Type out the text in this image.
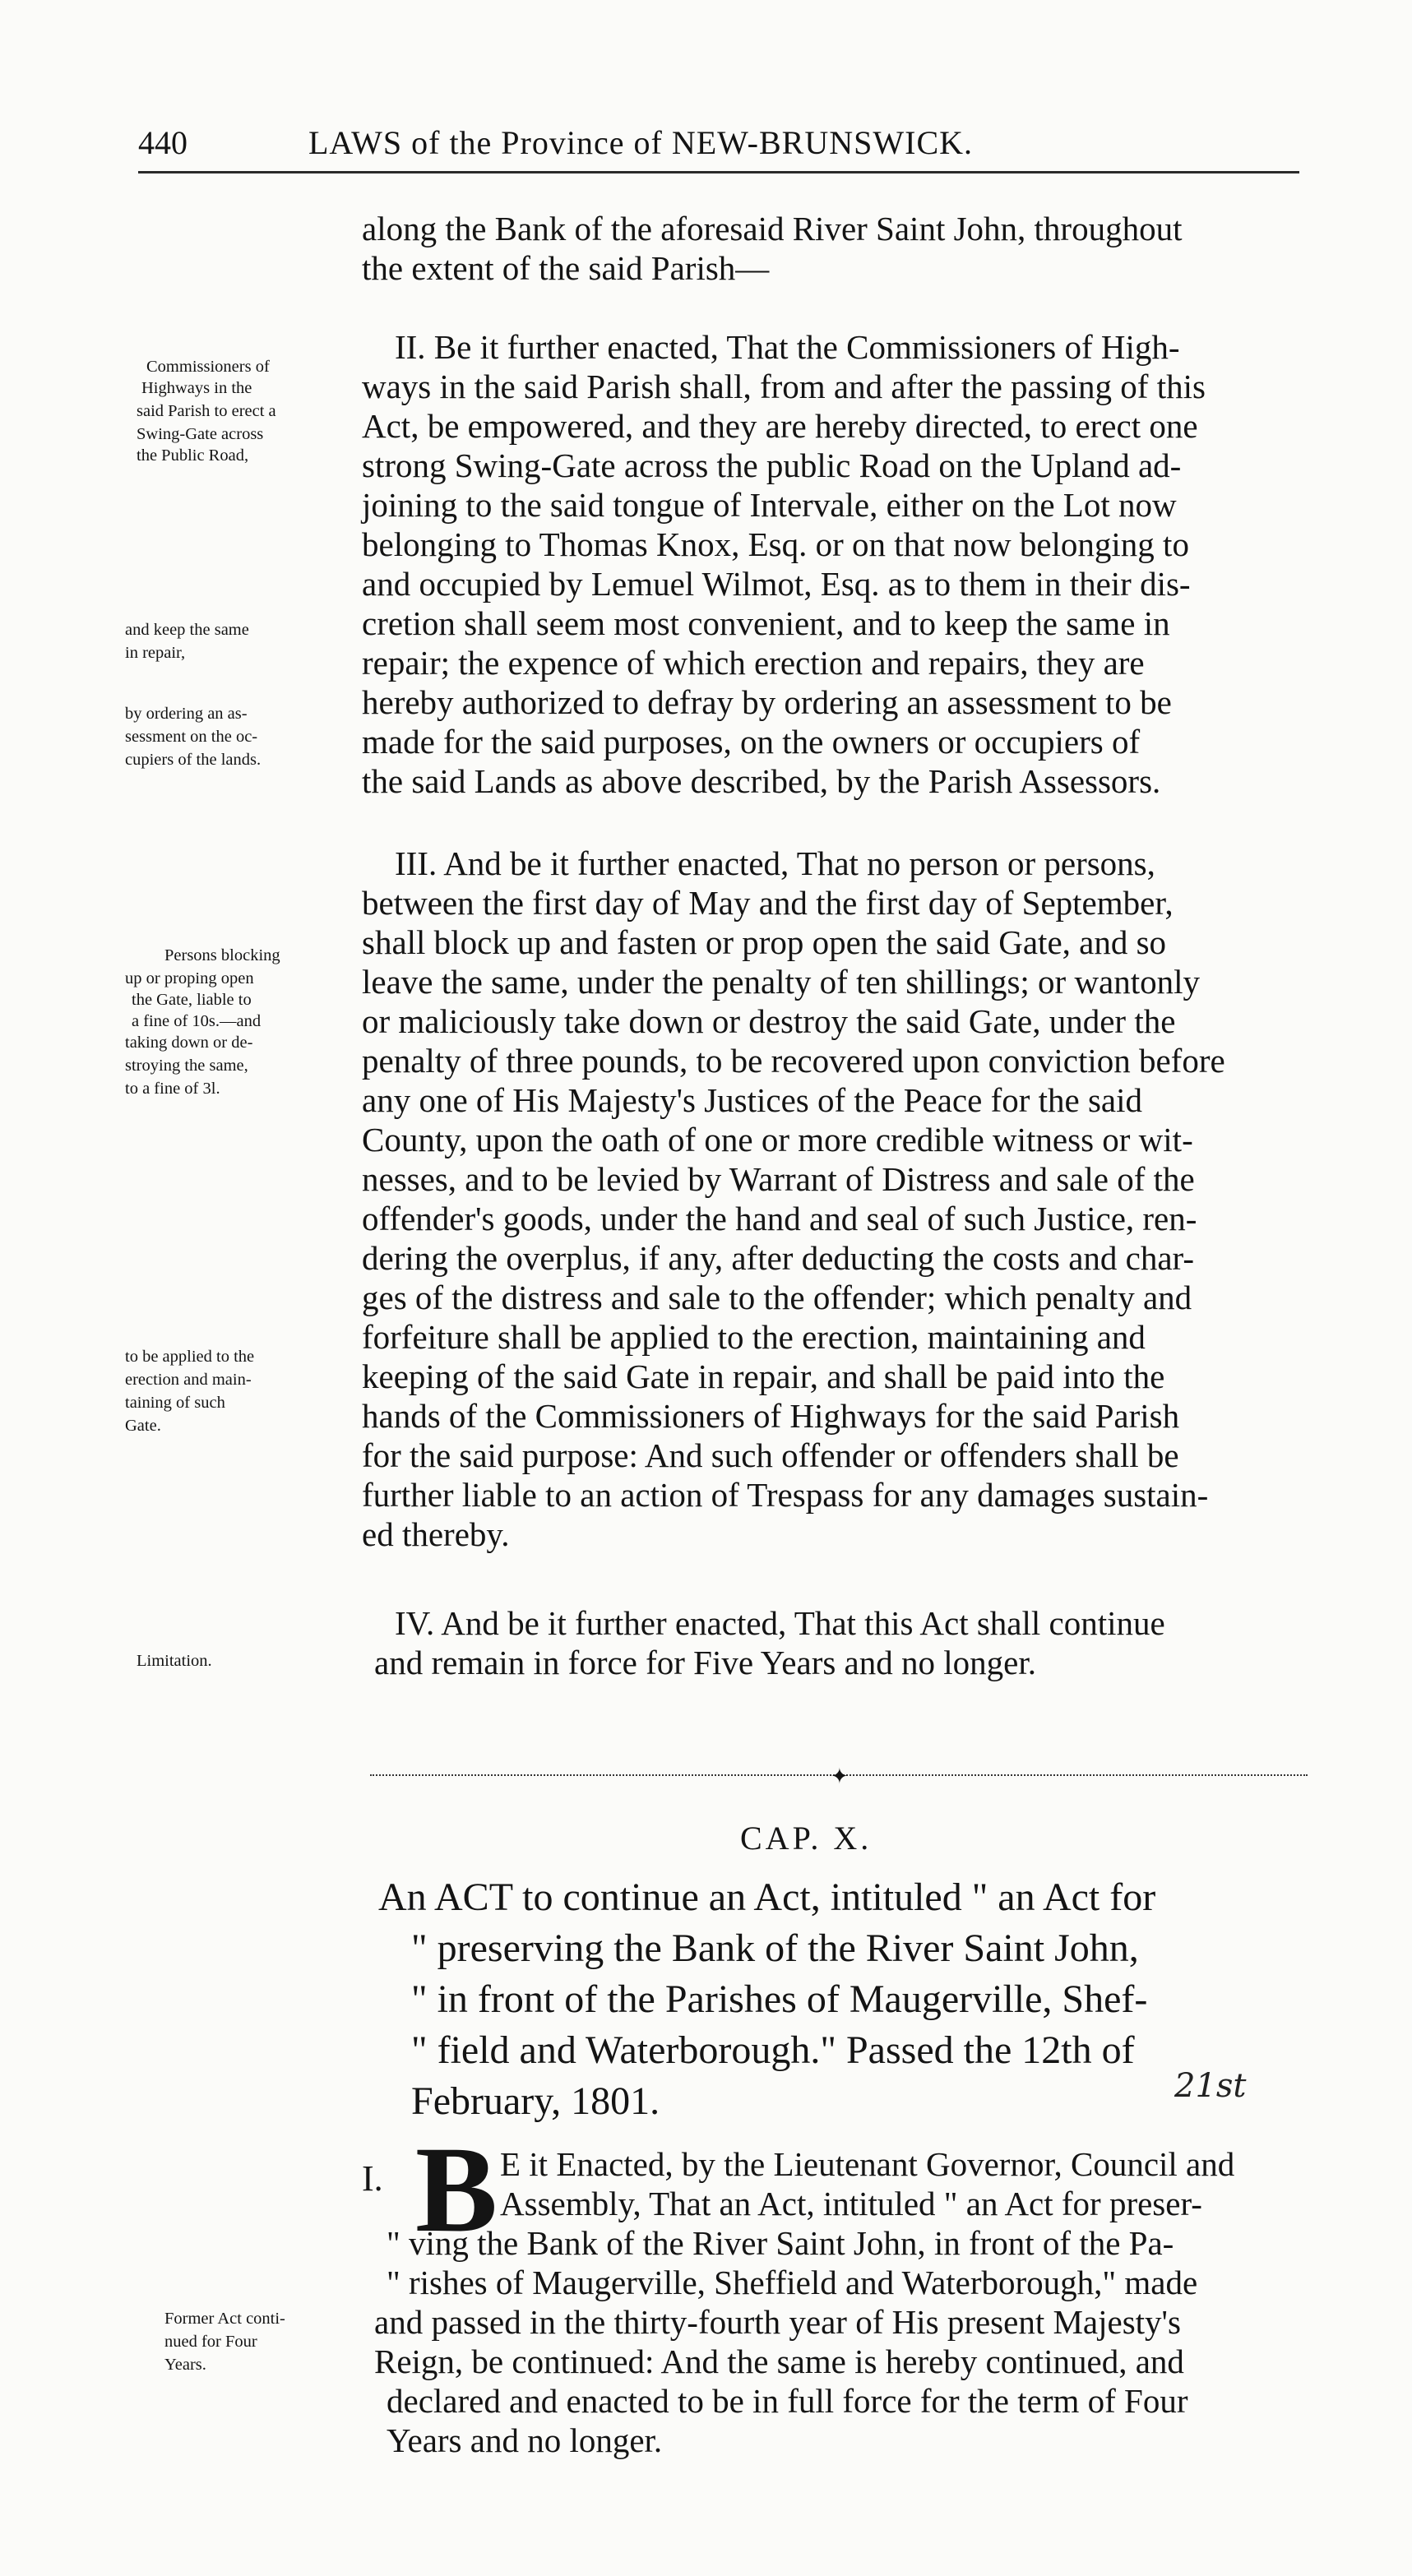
440	LAWS of the Province of NEW-BRUNSWICK.
along the Bank of the aforesaid River Saint John, throughout
the extent of the said Parish—
II. Be it further enacted, That the Commissioners of High-
ways in the said Parish shall, from and after the passing of this
Act, be empowered, and they are hereby directed, to erect one
strong Swing-Gate across the public Road on the Upland ad-
joining to the said tongue of Intervale, either on the Lot now
belonging to Thomas Knox, Esq. or on that now belonging to
and occupied by Lemuel Wilmot, Esq. as to them in their dis-
cretion shall seem most convenient, and to keep the same in
repair; the expence of which erection and repairs, they are
hereby authorized to defray by ordering an assessment to be
made for the said purposes, on the owners or occupiers of
the said Lands as above described, by the Parish Assessors.
Commissioners of
Highways in the
said Parish to erect a
Swing-Gate across
the Public Road,
and keep the same
in repair,
by ordering an as-
sessment on the oc-
cupiers of the lands.
III. And be it further enacted, That no person or persons,
between the first day of May and the first day of September,
shall block up and fasten or prop open the said Gate, and so
leave the same, under the penalty of ten shillings; or wantonly
or maliciously take down or destroy the said Gate, under the
penalty of three pounds, to be recovered upon conviction before
any one of His Majesty's Justices of the Peace for the said
County, upon the oath of one or more credible witness or wit-
nesses, and to be levied by Warrant of Distress and sale of the
offender's goods, under the hand and seal of such Justice, ren-
dering the overplus, if any, after deducting the costs and char-
ges of the distress and sale to the offender; which penalty and
forfeiture shall be applied to the erection, maintaining and
keeping of the said Gate in repair, and shall be paid into the
hands of the Commissioners of Highways for the said Parish
for the said purpose: And such offender or offenders shall be
further liable to an action of Trespass for any damages sustain-
ed thereby.
Persons blocking
up or proping open
the Gate, liable to
a fine of 10s.—and
taking down or de-
stroying the same,
to a fine of 3l.
to be applied to the
erection and main-
taining of such
Gate.
IV. And be it further enacted, That this Act shall continue
and remain in force for Five Years and no longer.
Limitation.
✦
CAP. X.
An ACT to continue an Act, intituled " an Act for
" preserving the Bank of the River Saint John,
" in front of the Parishes of Maugerville, Shef-
" field and Waterborough." Passed the 12th of
February, 1801.	21st
I. B E it Enacted, by the Lieutenant Governor, Council and
Assembly, That an Act, intituled " an Act for preser-
" ving the Bank of the River Saint John, in front of the Pa-
" rishes of Maugerville, Sheffield and Waterborough," made
and passed in the thirty-fourth year of His present Majesty's
Reign, be continued: And the same is hereby continued, and
declared and enacted to be in full force for the term of Four
Years and no longer.
Former Act conti-
nued for Four
Years.
